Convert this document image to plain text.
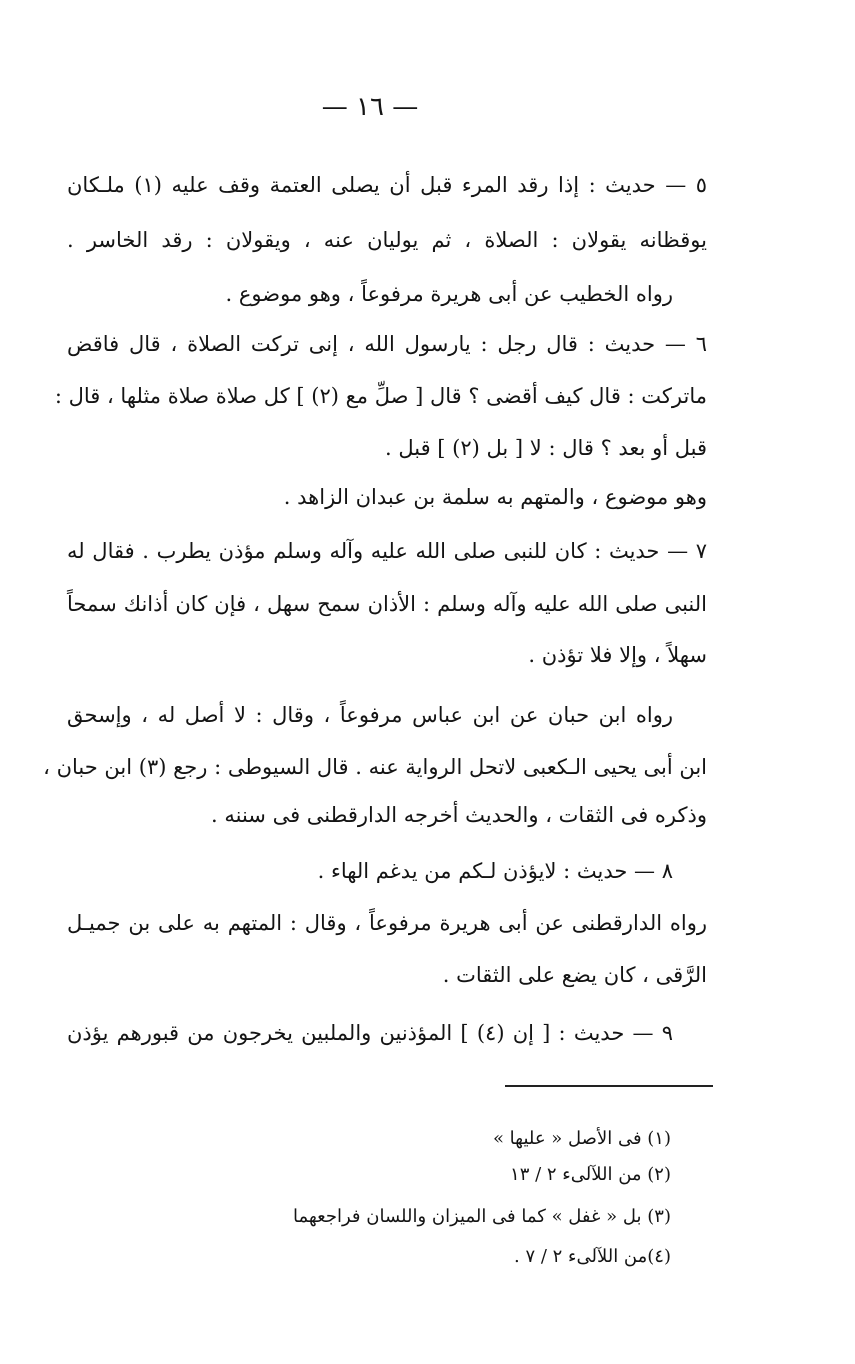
— ١٦ —
٥ — حديث : إذا رقد المرء قبل أن يصلى العتمة وقف عليه (١) ملـكان
يوقظانه يقولان : الصلاة ، ثم يوليان عنه ، ويقولان : رقد الخاسر .
رواه الخطيب عن أبى هريرة مرفوعاً ، وهو موضوع .
٦ — حديث : قال رجل : يارسول الله ، إنى تركت الصلاة ، قال فاقض
ماتركت : قال كيف أقضى ؟ قال [ صلِّ مع (٢) ] كل صلاة صلاة مثلها ، قال :
قبل أو بعد ؟ قال : لا [ بل (٢) ] قبل .
وهو موضوع ، والمتهم به سلمة بن عبدان الزاهد .
٧ — حديث : كان للنبى صلى الله عليه وآله وسلم مؤذن يطرب . فقال له
النبى صلى الله عليه وآله وسلم : الأذان سمح سهل ، فإن كان أذانك سمحاً
سهلاً ، وإلا فلا تؤذن .
رواه ابن حبان عن ابن عباس مرفوعاً ، وقال : لا أصل له ، وإسحق
ابن أبى يحيى الـكعبى لاتحل الرواية عنه . قال السيوطى : رجع (٣) ابن حبان ،
وذكره فى الثقات ، والحديث أخرجه الدارقطنى فى سننه .
٨ — حديث : لايؤذن لـكم من يدغم الهاء .
رواه الدارقطنى عن أبى هريرة مرفوعاً ، وقال : المتهم به على بن جميـل
الرَّقى ، كان يضع على الثقات .
٩ — حديث : [ إن (٤) ] المؤذنين والملبين يخرجون من قبورهم يؤذن
(١) فى الأصل « عليها »
(٢) من اللآلىء ٢ / ١٣
(٣) بل « غفل » كما فى الميزان واللسان فراجعهما
(٤)من اللآلىء ٢ / ٧ .
